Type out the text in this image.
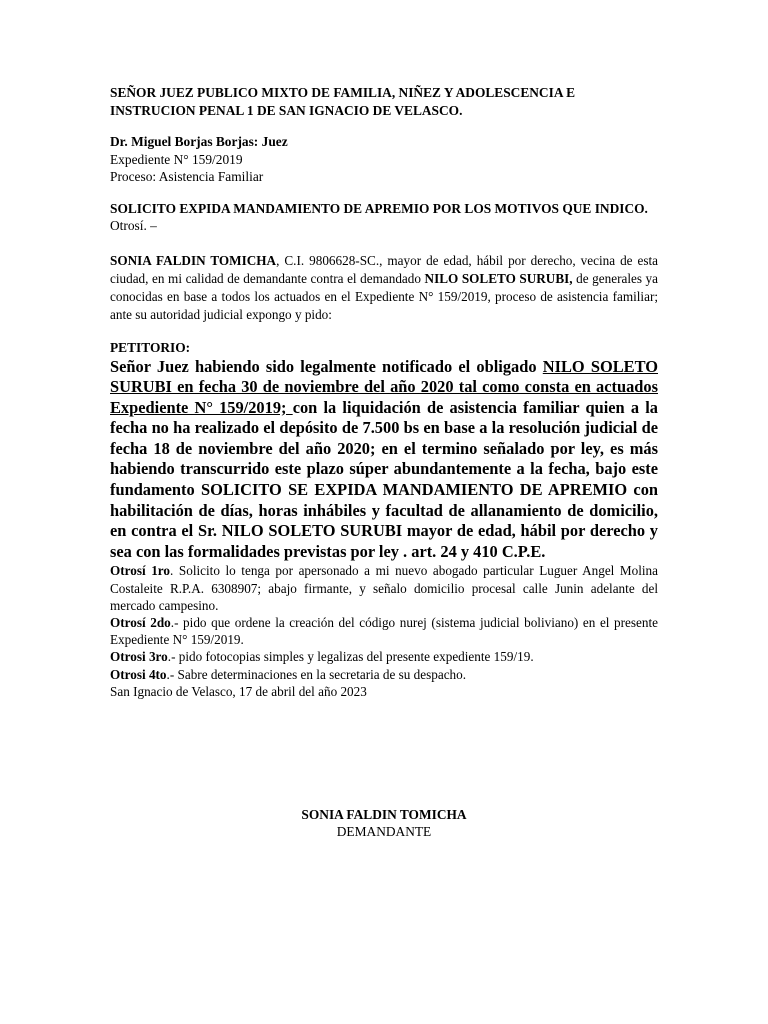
SEÑOR JUEZ PUBLICO MIXTO DE FAMILIA, NIÑEZ Y ADOLESCENCIA E
INSTRUCION PENAL 1 DE SAN IGNACIO DE VELASCO.
Dr. Miguel Borjas Borjas: Juez
Expediente N° 159/2019
Proceso: Asistencia Familiar
SOLICITO EXPIDA MANDAMIENTO DE APREMIO POR LOS MOTIVOS QUE INDICO.
Otrosí. –
SONIA FALDIN TOMICHA, C.I. 9806628-SC., mayor de edad, hábil por derecho, vecina de esta ciudad, en mi calidad de demandante contra el demandado NILO SOLETO SURUBI, de generales ya conocidas en base a todos los actuados en el Expediente N° 159/2019, proceso de asistencia familiar; ante su autoridad judicial expongo y pido:
PETITORIO:
Señor Juez habiendo sido legalmente notificado el obligado NILO SOLETO SURUBI en fecha 30 de noviembre del año 2020 tal como consta en actuados Expediente N° 159/2019; con la liquidación de asistencia familiar quien a la fecha no ha realizado el depósito de 7.500 bs en base a la resolución judicial de fecha 18 de noviembre del año 2020; en el termino señalado por ley, es más habiendo transcurrido este plazo súper abundantemente a la fecha, bajo este fundamento SOLICITO SE EXPIDA MANDAMIENTO DE APREMIO con habilitación de días, horas inhábiles y facultad de allanamiento de domicilio, en contra el Sr. NILO SOLETO SURUBI mayor de edad, hábil por derecho y sea con las formalidades previstas por ley . art. 24 y 410 C.P.E.
Otrosí 1ro. Solicito lo tenga por apersonado a mi nuevo abogado particular Luguer Angel Molina Costaleite R.P.A. 6308907; abajo firmante, y señalo domicilio procesal calle Junin adelante del mercado campesino.
Otrosí 2do.- pido que ordene la creación del código nurej (sistema judicial boliviano) en el presente Expediente N° 159/2019.
Otrosi 3ro.- pido fotocopias simples y legalizas del presente expediente 159/19.
Otrosi 4to.- Sabre determinaciones en la secretaria de su despacho.
San Ignacio de Velasco, 17 de abril del año 2023
SONIA FALDIN TOMICHA
DEMANDANTE
